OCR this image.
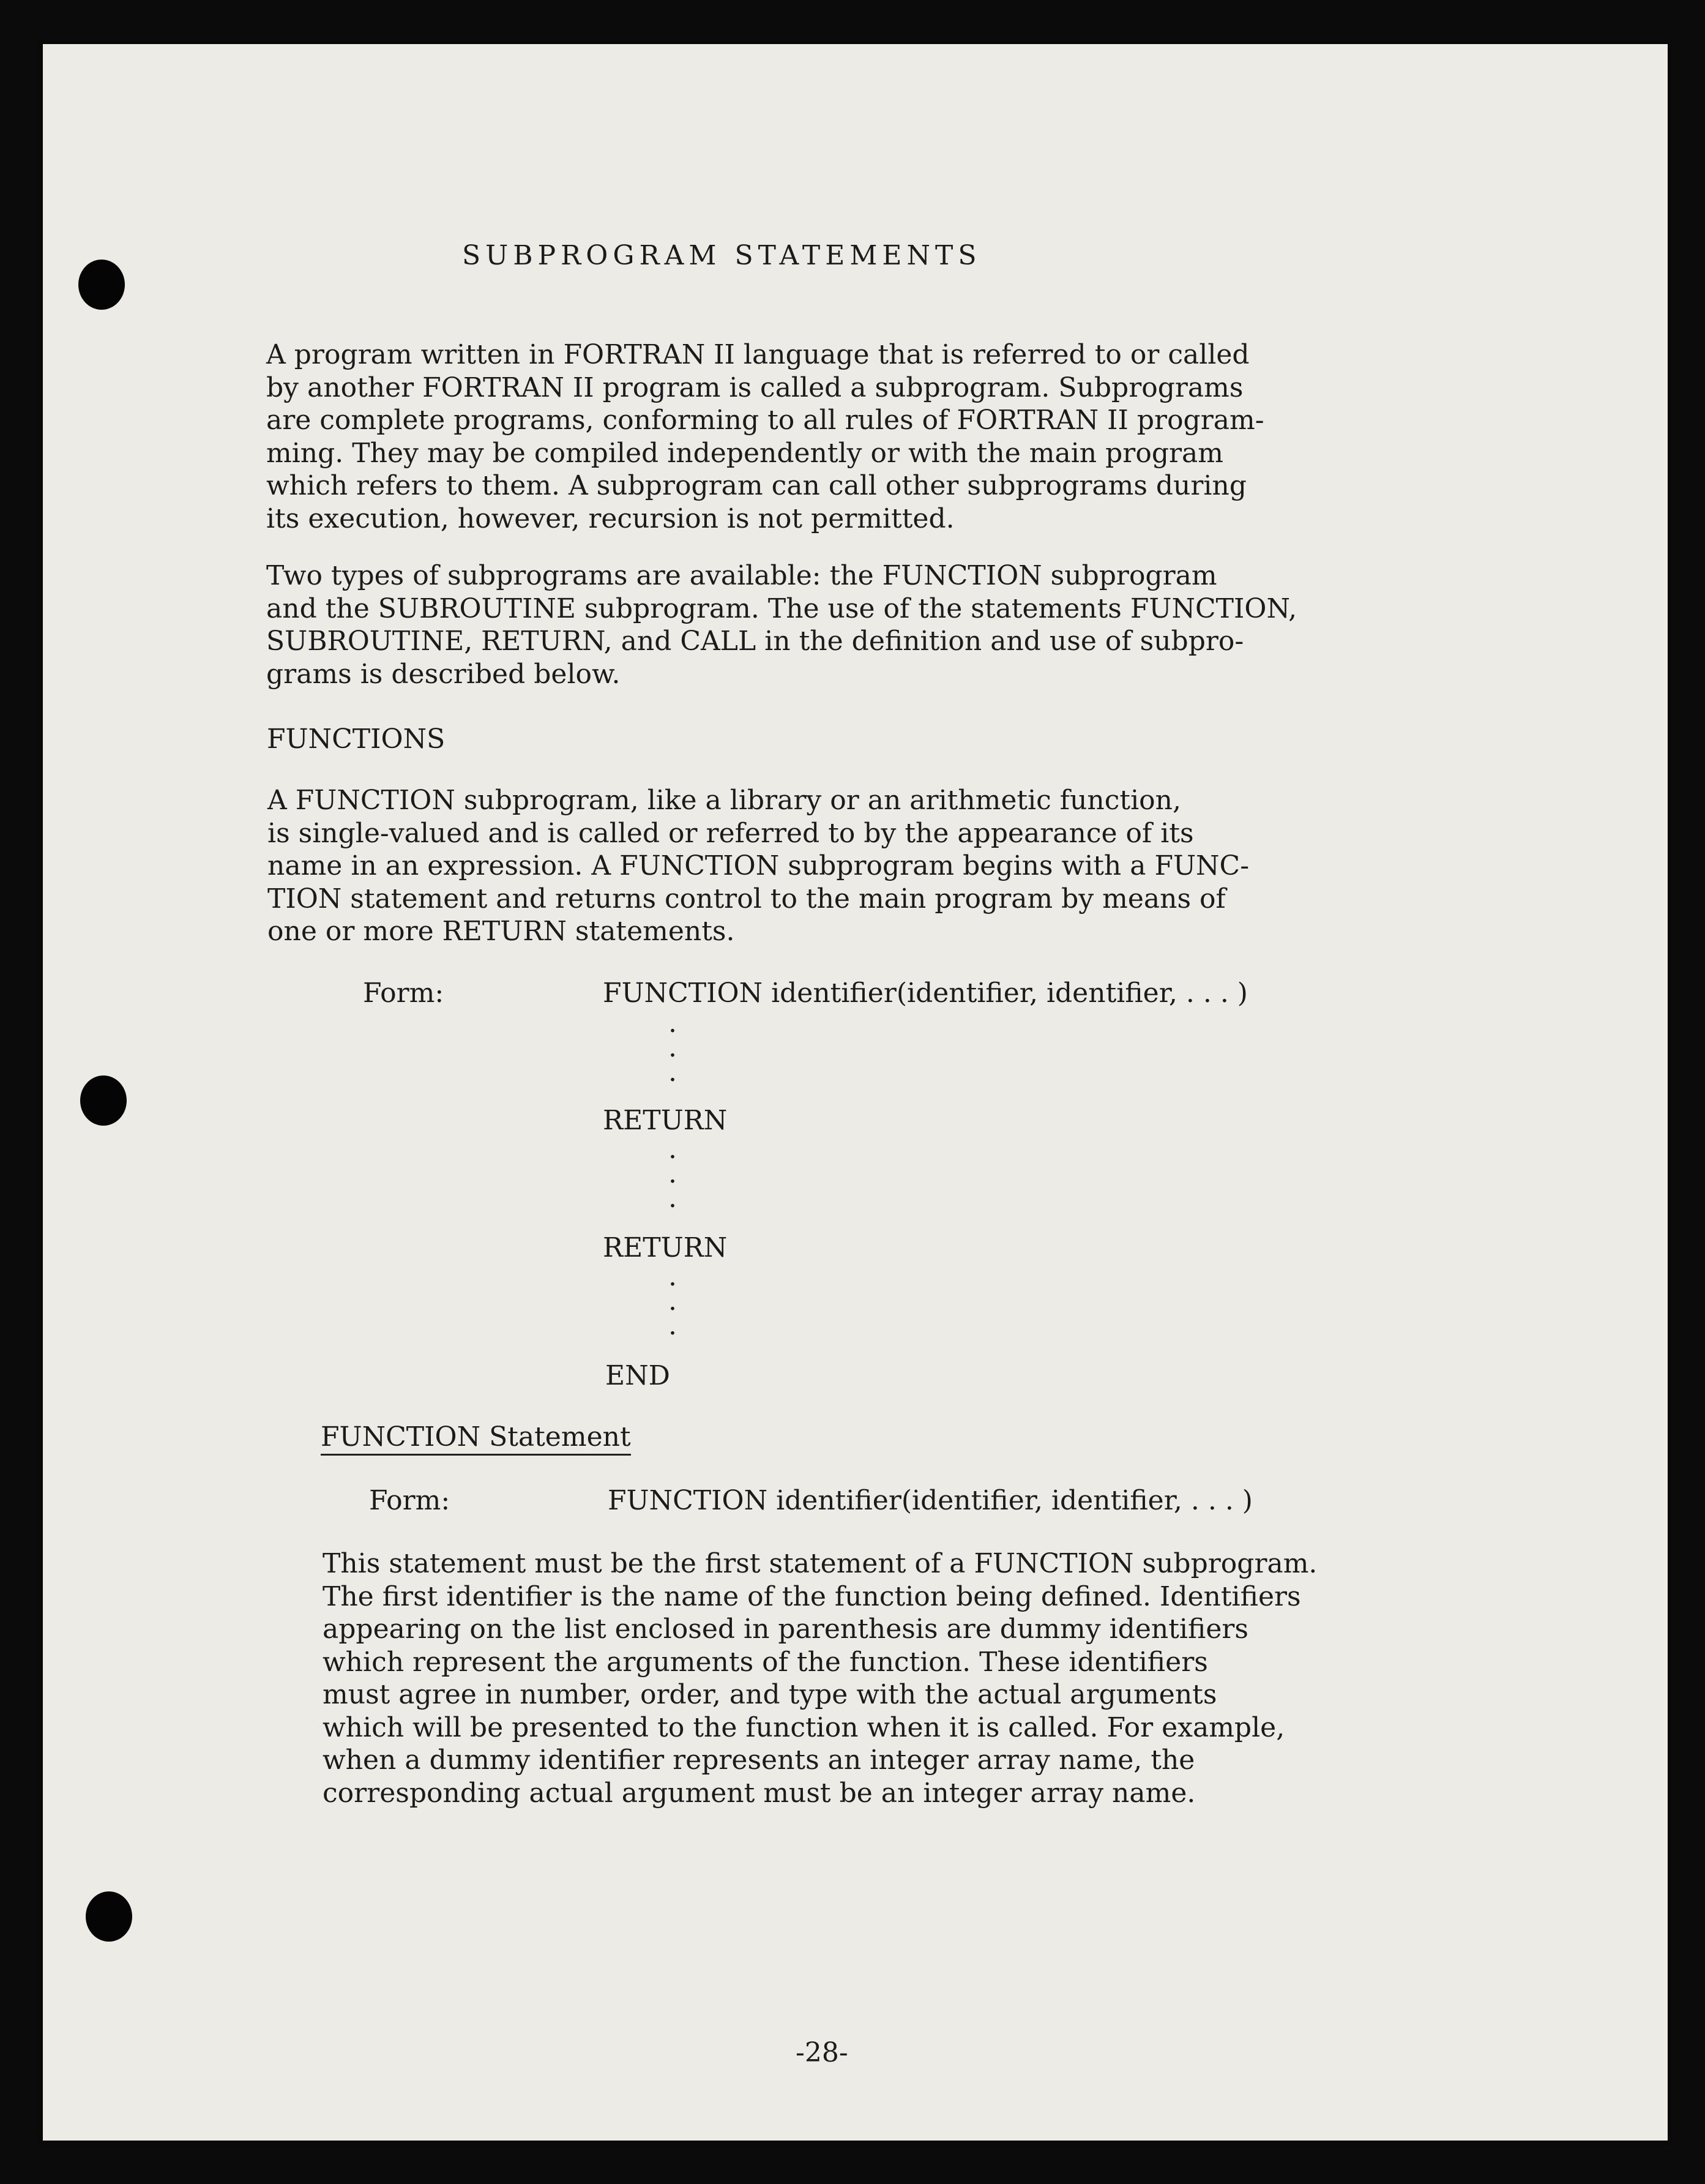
SUBPROGRAM STATEMENTS
A program written in FORTRAN II language that is referred to or called
by another FORTRAN II program is called a subprogram. Subprograms
are complete programs, conforming to all rules of FORTRAN II program-
ming. They may be compiled independently or with the main program
which refers to them. A subprogram can call other subprograms during
its execution, however, recursion is not permitted.
Two types of subprograms are available: the FUNCTION subprogram
and the SUBROUTINE subprogram. The use of the statements FUNCTION,
SUBROUTINE, RETURN, and CALL in the definition and use of subpro-
grams is described below.
FUNCTIONS
A FUNCTION subprogram, like a library or an arithmetic function,
is single-valued and is called or referred to by the appearance of its
name in an expression. A FUNCTION subprogram begins with a FUNC-
TION statement and returns control to the main program by means of
one or more RETURN statements.
Form:	FUNCTION identifier(identifier, identifier, . . . )
.
.
.
RETURN
.
.
.
RETURN
.
.
.
END
FUNCTION Statement
Form:	FUNCTION identifier(identifier, identifier, . . . )
This statement must be the first statement of a FUNCTION subprogram.
The first identifier is the name of the function being defined. Identifiers
appearing on the list enclosed in parenthesis are dummy identifiers
which represent the arguments of the function. These identifiers
must agree in number, order, and type with the actual arguments
which will be presented to the function when it is called. For example,
when a dummy identifier represents an integer array name, the
corresponding actual argument must be an integer array name.
-28-
